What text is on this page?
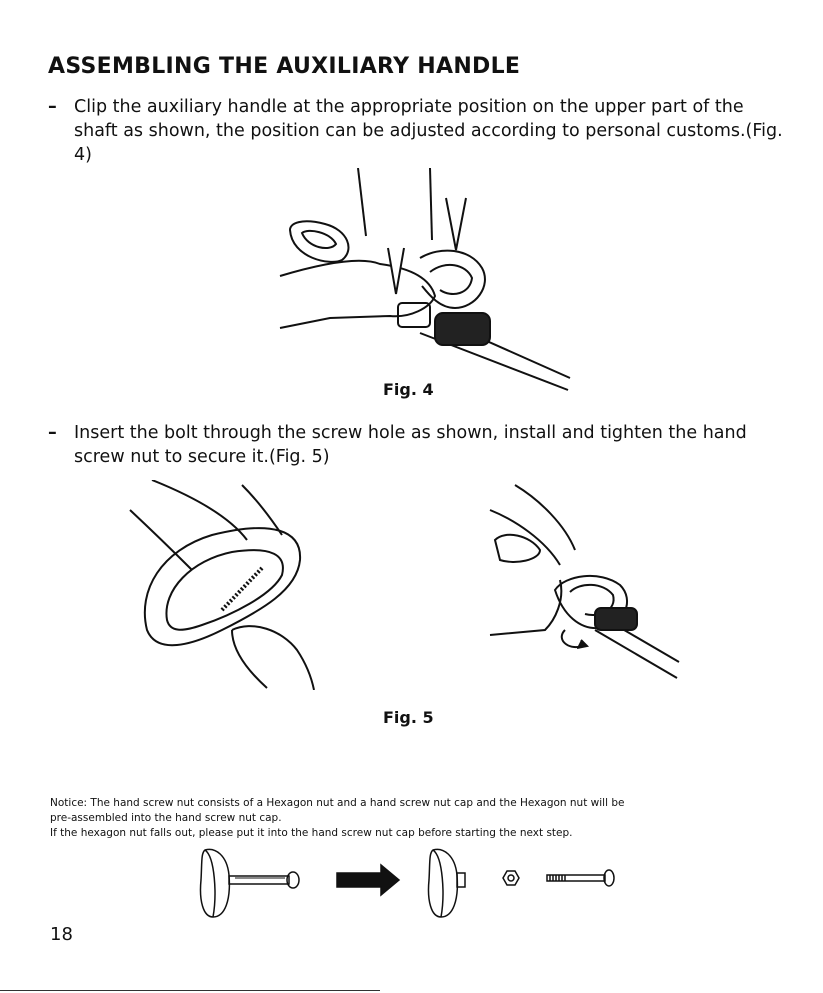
ASSEMBLING THE AUXILIARY HANDLE
– Clip the auxiliary handle at the appropriate position on the upper part of the shaft as shown, the position can be adjusted according to personal customs.(Fig. 4)
Fig. 4
– Insert the bolt through the screw hole as shown, install and tighten the hand screw nut to secure it.(Fig. 5)
Fig. 5
Notice: The hand screw nut consists of a Hexagon nut and a hand screw nut cap and the Hexagon nut will be
pre-assembled into the hand screw nut cap.
If the hexagon nut falls out, please put it into the hand screw nut cap before starting the next step.
18
